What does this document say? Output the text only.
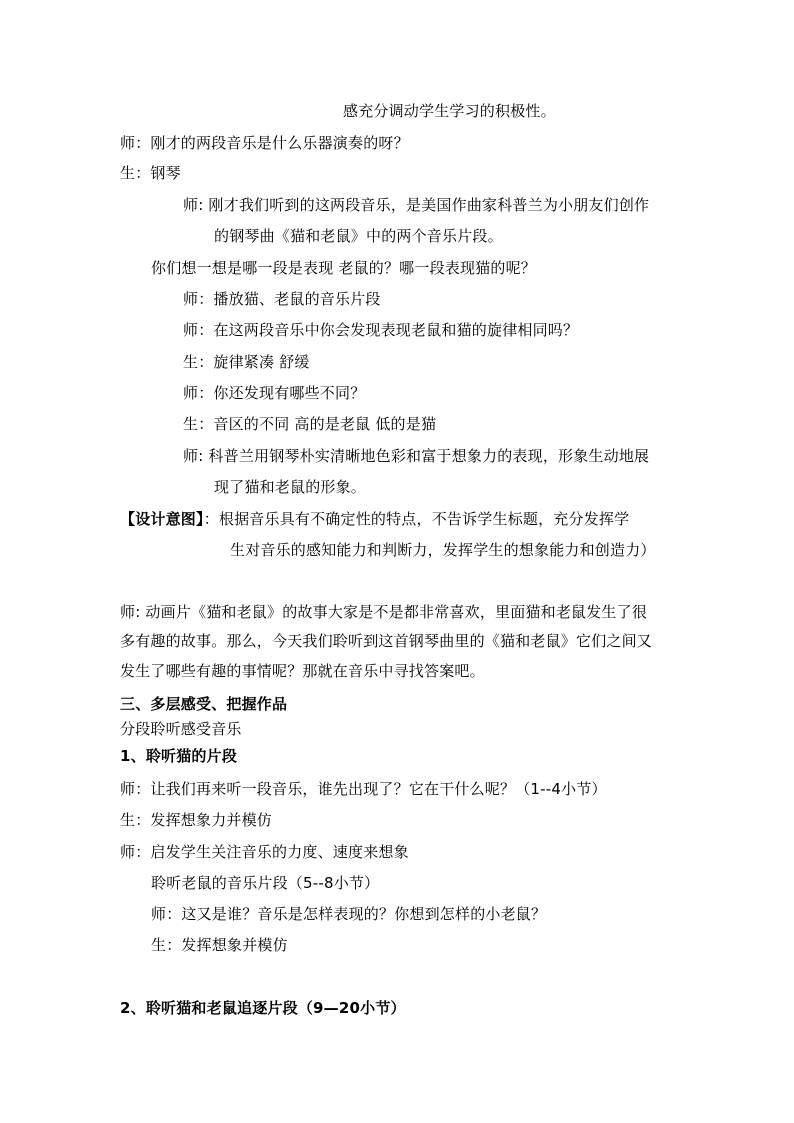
感充分调动学生学习的积极性。
师：刚才的两段音乐是什么乐器演奏的呀？
生：钢琴
师: 刚才我们听到的这两段音乐，是美国作曲家科普兰为小朋友们创作
的钢琴曲《猫和老鼠》中的两个音乐片段。
你们想一想是哪一段是表现 老鼠的？哪一段表现猫的呢？
师：播放猫、老鼠的音乐片段
师：在这两段音乐中你会发现表现老鼠和猫的旋律相同吗？
生：旋律紧凑 舒缓
师：你还发现有哪些不同？
生：音区的不同 高的是老鼠 低的是猫
师: 科普兰用钢琴朴实清晰地色彩和富于想象力的表现，形象生动地展
现了猫和老鼠的形象。
【设计意图】：根据音乐具有不确定性的特点，不告诉学生标题，充分发挥学
生对音乐的感知能力和判断力，发挥学生的想象能力和创造力）
师: 动画片《猫和老鼠》的故事大家是不是都非常喜欢，里面猫和老鼠发生了很
多有趣的故事。那么，今天我们聆听到这首钢琴曲里的《猫和老鼠》它们之间又
发生了哪些有趣的事情呢？那就在音乐中寻找答案吧。
三、多层感受、把握作品
分段聆听感受音乐
1、聆听猫的片段
师：让我们再来听一段音乐，谁先出现了？它在干什么呢？（1--4小节）
生：发挥想象力并模仿
师：启发学生关注音乐的力度、速度来想象
聆听老鼠的音乐片段（5--8小节）
师：这又是谁？音乐是怎样表现的？你想到怎样的小老鼠？
生：发挥想象并模仿
2、聆听猫和老鼠追逐片段（9—20小节）
